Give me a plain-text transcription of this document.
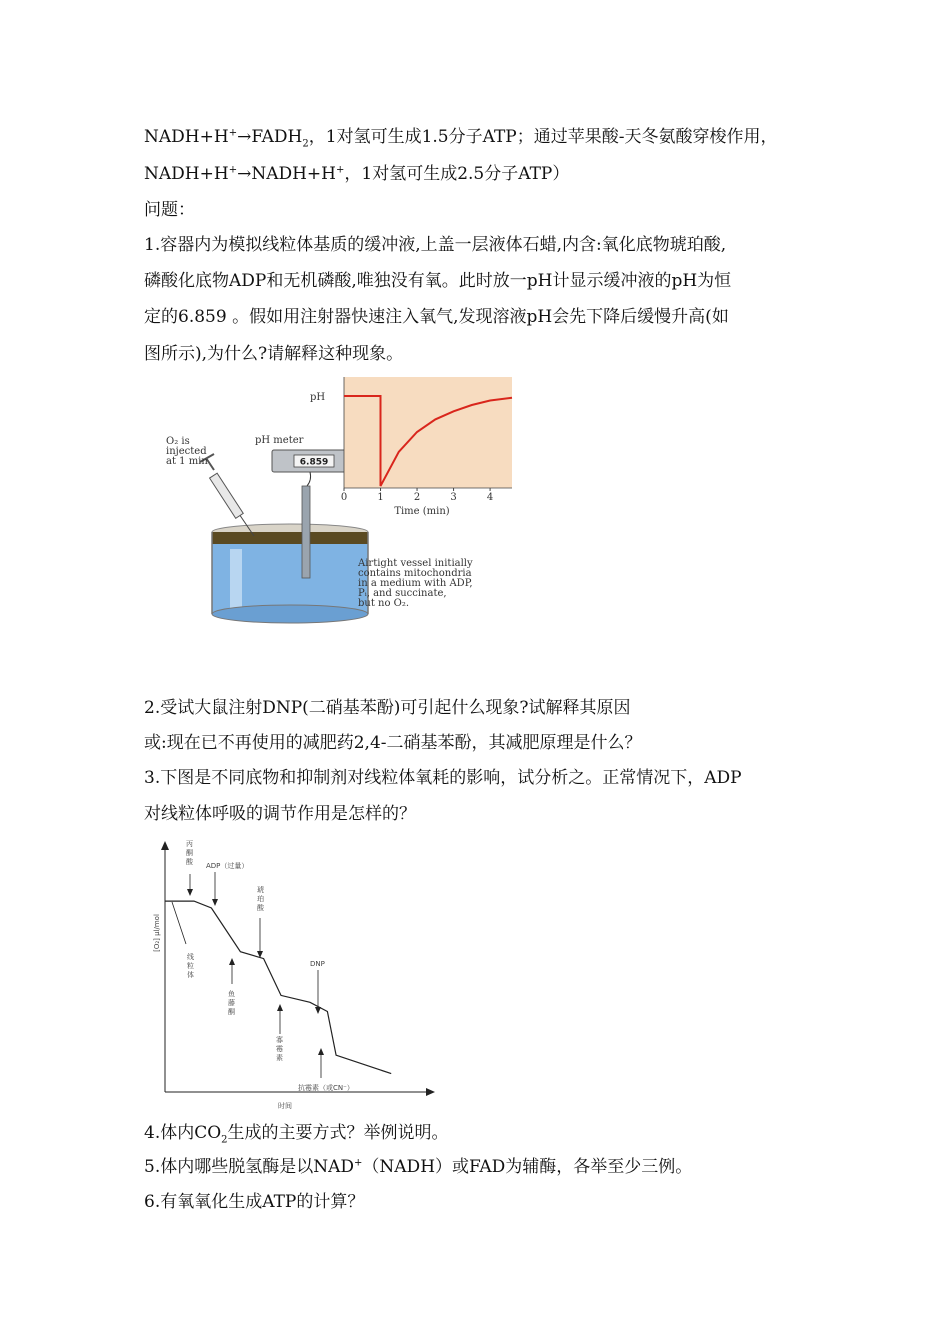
$NADH+H^+\to FADH_2$，1对氢可生成1.5分子ATP；通过苹果酸-天冬氨酸穿梭作用，
NADH+H+→NADH+H+，1对氢可生成2.5分子ATP）
问题：
1.容器内为模拟线粒体基质的缓冲液,上盖一层液体石蜡,内含:氧化底物琥珀酸,
磷酸化底物ADP和无机磷酸,唯独没有氧。此时放一pH计显示缓冲液的pH为恒
定的6.859 。假如用注射器快速注入氧气,发现溶液pH会先下降后缓慢升高(如
图所示),为什么?请解释这种现象。
6.859
pH meter
O₂ is
injected
at 1 min
Airtight vessel initially
contains mitochondria
in a medium with ADP,
Pᵢ, and succinate,
but no O₂.
pH
Time (min)
0	1	2	3	4
2.受试大鼠注射DNP(二硝基苯酚)可引起什么现象?试解释其原因
或:现在已不再使用的减肥药2,4-二硝基苯酚，其减肥原理是什么？
3.下图是不同底物和抑制剂对线粒体氧耗的影响，试分析之。正常情况下，ADP
对线粒体呼吸的调节作用是怎样的？
时间
[O₂] μl/mol
丙
酮
酸 ADP（过量）
琥
珀
酸
DNP
线
粒
体
鱼
藤
酮
寡
霉
素
抗霉素（或CN⁻）
4.体内$CO_2$生成的主要方式？举例说明。
5.体内哪些脱氢酶是以NAD+（NADH）或FAD为辅酶，各举至少三例。
6.有氧氧化生成ATP的计算？
